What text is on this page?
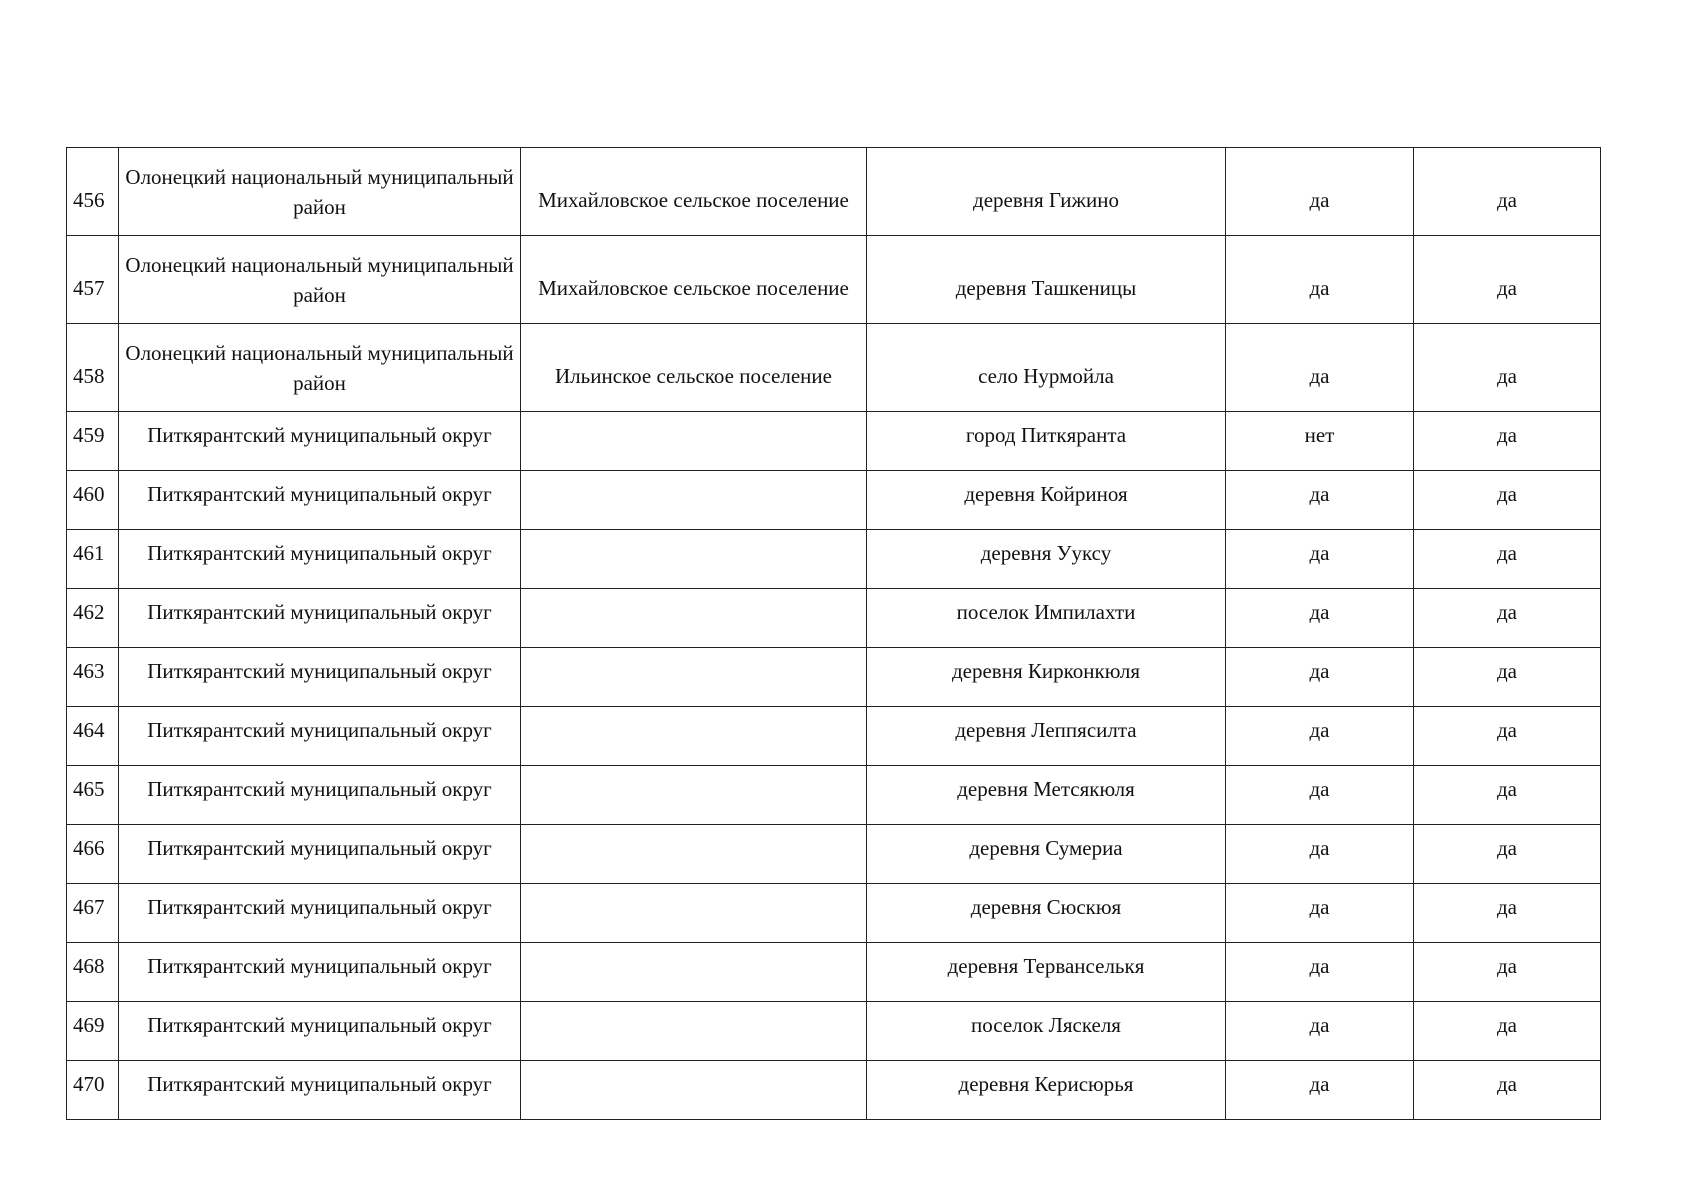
456	Олонецкий национальный муниципальный район	Михайловское сельское поселение	деревня Гижино	да	да
457	Олонецкий национальный муниципальный район	Михайловское сельское поселение	деревня Ташкеницы	да	да
458	Олонецкий национальный муниципальный район	Ильинское сельское поселение	село Нурмойла	да	да
459	Питкярантский муниципальный округ		город Питкяранта	нет	да
460	Питкярантский муниципальный округ		деревня Койриноя	да	да
461	Питкярантский муниципальный округ		деревня Ууксу	да	да
462	Питкярантский муниципальный округ		поселок Импилахти	да	да
463	Питкярантский муниципальный округ		деревня Кирконкюля	да	да
464	Питкярантский муниципальный округ		деревня Леппясилта	да	да
465	Питкярантский муниципальный округ		деревня Метсякюля	да	да
466	Питкярантский муниципальный округ		деревня Сумериа	да	да
467	Питкярантский муниципальный округ		деревня Сюскюя	да	да
468	Питкярантский муниципальный округ		деревня Терванселькя	да	да
469	Питкярантский муниципальный округ		поселок Ляскеля	да	да
470	Питкярантский муниципальный округ		деревня Керисюрья	да	да
